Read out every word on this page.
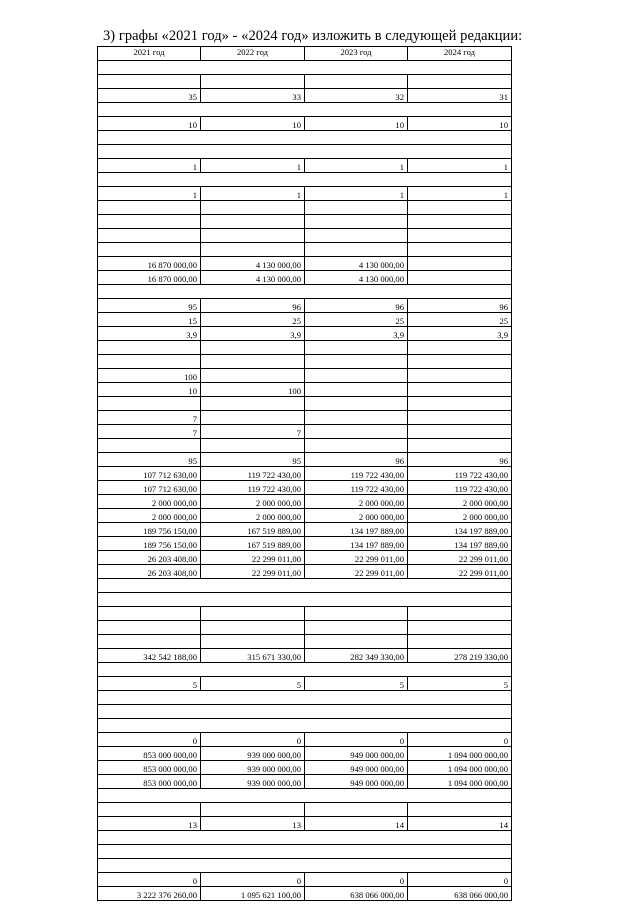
3) графы «2021 год» - «2024 год» изложить в следующей редакции:
2021 год	2022 год	2023 год	2024 год

35	33	32	31

10	10	10	10

1	1	1	1

1	1	1	1

16 870 000,00	4 130 000,00	4 130 000,00	
16 870 000,00	4 130 000,00	4 130 000,00	

95	96	96	96
15	25	25	25
3,9	3,9	3,9	3,9

100			
10	100		

7			
7	7		

95	95	96	96
107 712 630,00	119 722 430,00	119 722 430,00	119 722 430,00
107 712 630,00	119 722 430,00	119 722 430,00	119 722 430,00
2 000 000,00	2 000 000,00	2 000 000,00	2 000 000,00
2 000 000,00	2 000 000,00	2 000 000,00	2 000 000,00
189 756 150,00	167 519 889,00	134 197 889,00	134 197 889,00
189 756 150,00	167 519 889,00	134 197 889,00	134 197 889,00
26 203 408,00	22 299 011,00	22 299 011,00	22 299 011,00
26 203 408,00	22 299 011,00	22 299 011,00	22 299 011,00

342 542 188,00	315 671 330,00	282 349 330,00	278 219 330,00

5	5	5	5

0	0	0	0
853 000 000,00	939 000 000,00	949 000 000,00	1 094 000 000,00
853 000 000,00	939 000 000,00	949 000 000,00	1 094 000 000,00
853 000 000,00	939 000 000,00	949 000 000,00	1 094 000 000,00

13	13	14	14

0	0	0	0
3 222 376 260,00	1 095 621 100,00	638 066 000,00	638 066 000,00
